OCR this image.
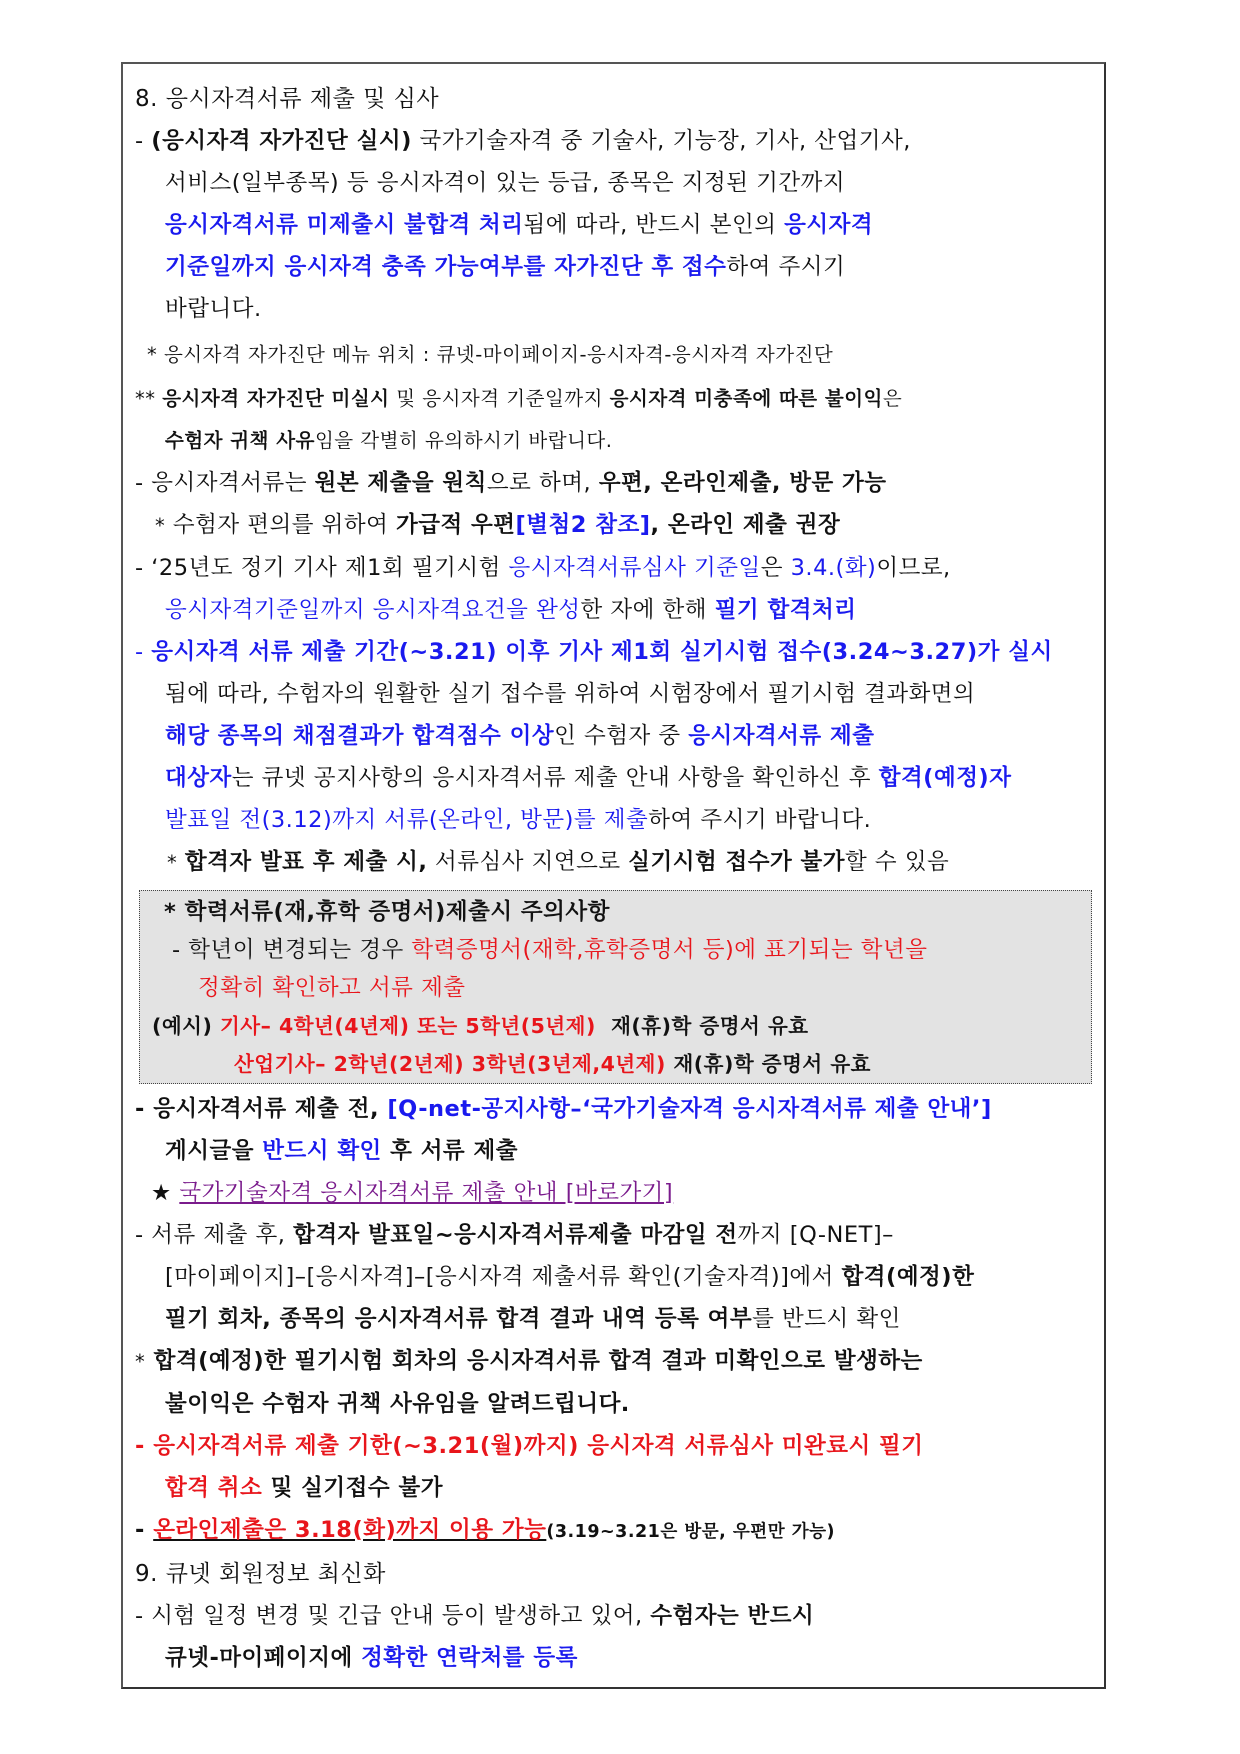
8. 응시자격서류 제출 및 심사
- (응시자격 자가진단 실시) 국가기술자격 중 기술사, 기능장, 기사, 산업기사,
서비스(일부종목) 등 응시자격이 있는 등급, 종목은 지정된 기간까지
응시자격서류 미제출시 불합격 처리됨에 따라, 반드시 본인의 응시자격
기준일까지 응시자격 충족 가능여부를 자가진단 후 접수하여 주시기
바랍니다.
* 응시자격 자가진단 메뉴 위치 : 큐넷-마이페이지-응시자격-응시자격 자가진단
** 응시자격 자가진단 미실시 및 응시자격 기준일까지 응시자격 미충족에 따른 불이익은
수험자 귀책 사유임을 각별히 유의하시기 바랍니다.
- 응시자격서류는 원본 제출을 원칙으로 하며, 우편, 온라인제출, 방문 가능
* 수험자 편의를 위하여 가급적 우편[별첨2 참조], 온라인 제출 권장
- ‘25년도 정기 기사 제1회 필기시험 응시자격서류심사 기준일은 3.4.(화)이므로,
응시자격기준일까지 응시자격요건을 완성한 자에 한해 필기 합격처리
- 응시자격 서류 제출 기간(~3.21) 이후 기사 제1회 실기시험 접수(3.24~3.27)가 실시
됨에 따라, 수험자의 원활한 실기 접수를 위하여 시험장에서 필기시험 결과화면의
해당 종목의 채점결과가 합격점수 이상인 수험자 중 응시자격서류 제출
대상자는 큐넷 공지사항의 응시자격서류 제출 안내 사항을 확인하신 후 합격(예정)자
발표일 전(3.12)까지 서류(온라인, 방문)를 제출하여 주시기 바랍니다.
* 합격자 발표 후 제출 시, 서류심사 지연으로 실기시험 접수가 불가할 수 있음
* 학력서류(재,휴학 증명서)제출시 주의사항
- 학년이 변경되는 경우 학력증명서(재학,휴학증명서 등)에 표기되는 학년을
정확히 확인하고 서류 제출
(예시) 기사– 4학년(4년제) 또는 5학년(5년제) 재(휴)학 증명서 유효
산업기사– 2학년(2년제) 3학년(3년제,4년제) 재(휴)학 증명서 유효
- 응시자격서류 제출 전, [Q-net-공지사항–‘국가기술자격 응시자격서류 제출 안내’]
게시글을 반드시 확인 후 서류 제출
★ 국가기술자격 응시자격서류 제출 안내 [바로가기]
- 서류 제출 후, 합격자 발표일~응시자격서류제출 마감일 전까지 [Q-NET]–
[마이페이지]–[응시자격]–[응시자격 제출서류 확인(기술자격)]에서 합격(예정)한
필기 회차, 종목의 응시자격서류 합격 결과 내역 등록 여부를 반드시 확인
* 합격(예정)한 필기시험 회차의 응시자격서류 합격 결과 미확인으로 발생하는
불이익은 수험자 귀책 사유임을 알려드립니다.
- 응시자격서류 제출 기한(~3.21(월)까지) 응시자격 서류심사 미완료시 필기
합격 취소 및 실기접수 불가
- 온라인제출은 3.18(화)까지 이용 가능(3.19~3.21은 방문, 우편만 가능)
9. 큐넷 회원정보 최신화
- 시험 일정 변경 및 긴급 안내 등이 발생하고 있어, 수험자는 반드시
큐넷-마이페이지에 정확한 연락처를 등록
